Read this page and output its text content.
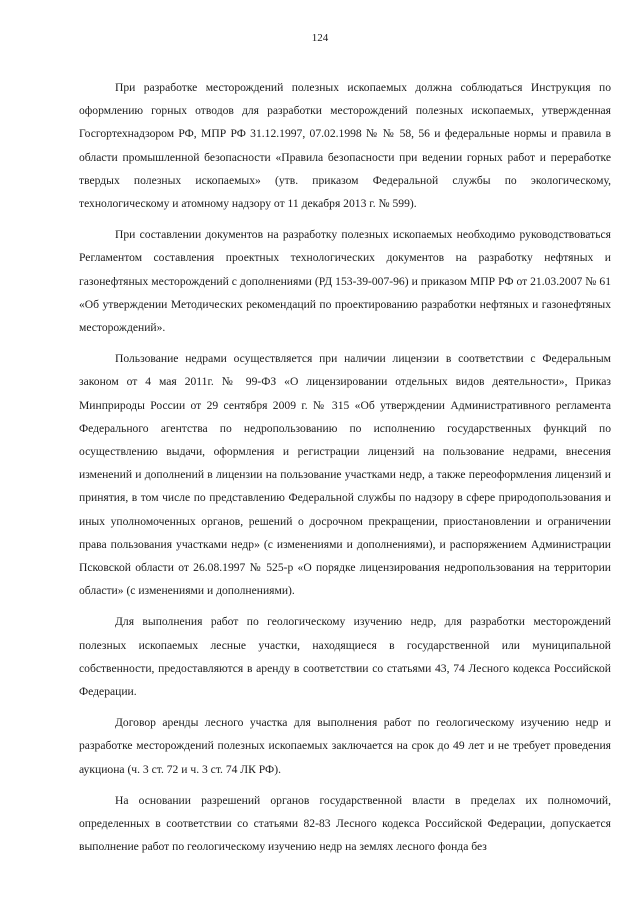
124

При разработке месторождений полезных ископаемых должна соблюдаться Инструкция по оформлению горных отводов для разработки месторождений полезных ископаемых, утвержденная Госгортехнадзором РФ, МПР РФ 31.12.1997, 07.02.1998 № № 58, 56 и федеральные нормы и правила в области промышленной безопасности «Правила безопасности при ведении горных работ и переработке твердых полезных ископаемых» (утв. приказом Федеральной службы по экологическому, технологическому и атомному надзору от 11 декабря 2013 г. № 599).

При составлении документов на разработку полезных ископаемых необходимо руководствоваться Регламентом составления проектных технологических документов на разработку нефтяных и газонефтяных месторождений с дополнениями (РД 153-39-007-96) и приказом МПР РФ от 21.03.2007 № 61 «Об утверждении Методических рекомендаций по проектированию разработки нефтяных и газонефтяных месторождений».

Пользование недрами осуществляется при наличии лицензии в соответствии с Федеральным законом от 4 мая 2011г. № 99-ФЗ «О лицензировании отдельных видов деятельности», Приказ Минприроды России от 29 сентября 2009 г. № 315 «Об утверждении Административного регламента Федерального агентства по недропользованию по исполнению государственных функций по осуществлению выдачи, оформления и регистрации лицензий на пользование недрами, внесения изменений и дополнений в лицензии на пользование участками недр, а также переоформления лицензий и принятия, в том числе по представлению Федеральной службы по надзору в сфере природопользования и иных уполномоченных органов, решений о досрочном прекращении, приостановлении и ограничении права пользования участками недр» (с изменениями и дополнениями), и распоряжением Администрации Псковской области от 26.08.1997 № 525-р «О порядке лицензирования недропользования на территории области» (с изменениями и дополнениями).

Для выполнения работ по геологическому изучению недр, для разработки месторождений полезных ископаемых лесные участки, находящиеся в государственной или муниципальной собственности, предоставляются в аренду в соответствии со статьями 43, 74 Лесного кодекса Российской Федерации.

Договор аренды лесного участка для выполнения работ по геологическому изучению недр и разработке месторождений полезных ископаемых заключается на срок до 49 лет и не требует проведения аукциона (ч. 3 ст. 72 и ч. 3 ст. 74 ЛК РФ).

На основании разрешений органов государственной власти в пределах их полномочий, определенных в соответствии со статьями 82-83 Лесного кодекса Российской Федерации, допускается выполнение работ по геологическому изучению недр на землях лесного фонда без
